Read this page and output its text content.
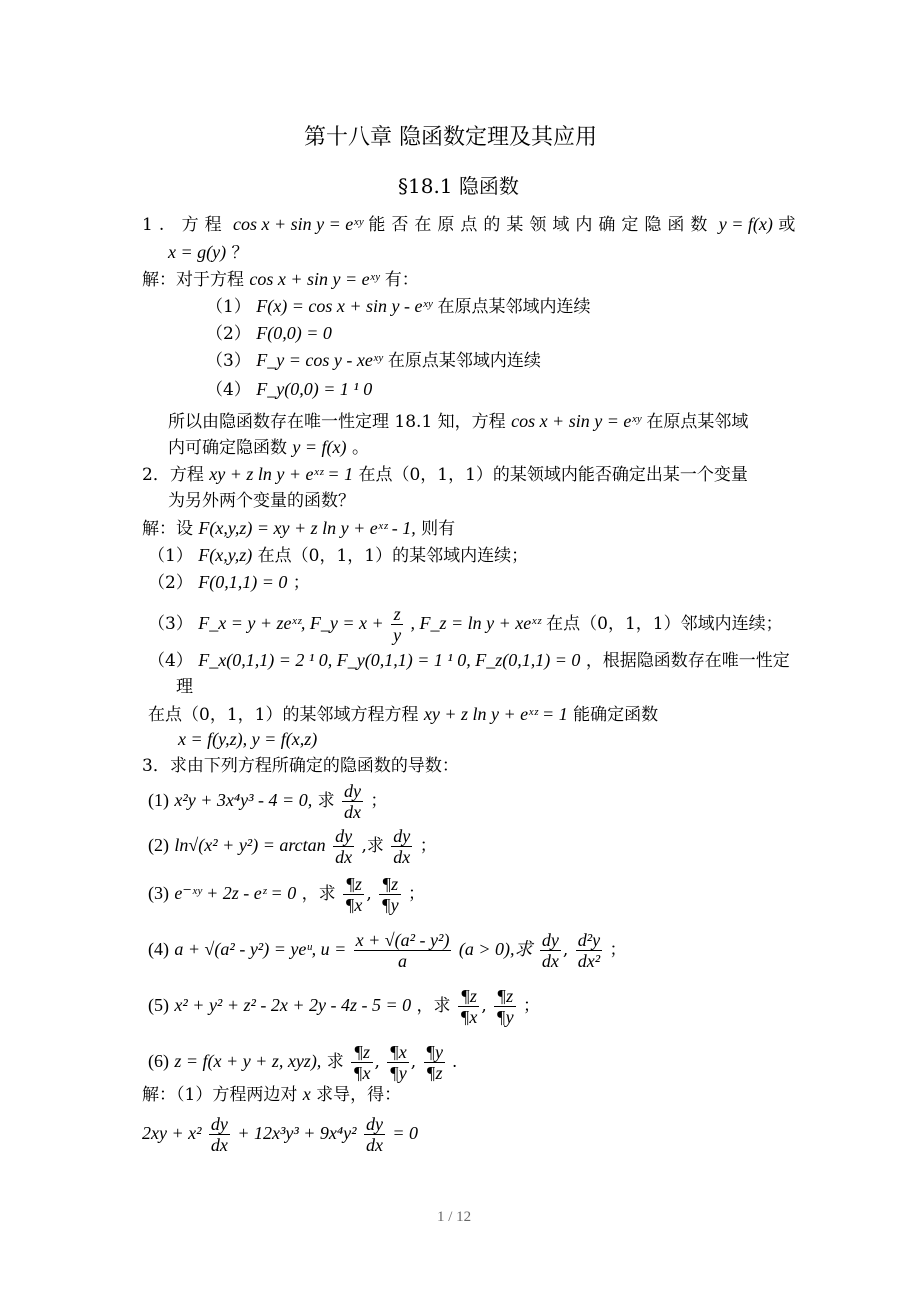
第十八章 隐函数定理及其应用
§18.1 隐函数
1. 方程 cos x + sin y = eˣʸ 能否在原点的某领域内确定隐函数 y = f(x) 或
x = g(y) ？
解：对于方程 cos x + sin y = eˣʸ 有：
（1） F(x) = cos x + sin y - eˣʸ 在原点某邻域内连续
（2） F(0,0) = 0
（3） F_y = cos y - xeˣʸ 在原点某邻域内连续
（4） F_y(0,0) = 1 ¹ 0
所以由隐函数存在唯一性定理 18.1 知，方程 cos x + sin y = eˣʸ 在原点某邻域
内可确定隐函数 y = f(x) 。
2．方程 xy + z ln y + eˣᶻ = 1 在点（0，1，1）的某领域内能否确定出某一个变量
为另外两个变量的函数？
解：设 F(x,y,z) = xy + z ln y + eˣᶻ - 1, 则有
（1） F(x,y,z) 在点（0，1，1）的某邻域内连续；
（2） F(0,1,1) = 0 ；
（3） F_x = y + zeˣᶻ, F_y = $x + \frac{z}{y}$ , F_z = ln y + xeˣᶻ 在点（0，1，1）邻域内连续；
（4） F_x(0,1,1) = 2 ¹ 0, F_y(0,1,1) = 1 ¹ 0, F_z(0,1,1) = 0 ，根据隐函数存在唯一性定
理
在点（0，1，1）的某邻域方程方程 xy + z ln y + eˣᶻ = 1 能确定函数
x = f(y,z), y = f(x,z)
3．求由下列方程所确定的隐函数的导数：
(1) x²y + 3x⁴y³ - 4 = 0, 求 $\frac{dy}{dx}$ ；
(2) $\ln√(x^2 + y^2) = \arctan \frac{dy}{dx}$ ,求 $\frac{dy}{dx}$ ；
(3) e⁻ˣʸ + 2z - eᶻ = 0 ，求 $\frac{\P z}{\P x}$ , $\frac{\P z}{\P y}$ ；
(4) a + √(a² - y²) = yeᵘ, $u = \frac{\text{x + √(a² - y²)}}{a} (a > 0)$,求 $\frac{dy}{dx}$ , $\frac{\text{d²y}}{\text{dx²}}$ ；
(5) x² + y² + z² - 2x + 2y - 4z - 5 = 0 ，求 $\frac{\P z}{\P x}$ , $\frac{\P z}{\P y}$ ；
(6) z = f(x + y + z, xyz), 求 $\frac{\P z}{\P x}$ , $\frac{\P x}{\P y}$ , $\frac{\P y}{\P z}$ .
解：（1）方程两边对 x 求导，得：
$2xy + x^2 \frac{dy}{dx} + 12x^3y^3 + 9x^4y^2 \frac{dy}{dx} = 0$
1 / 12
